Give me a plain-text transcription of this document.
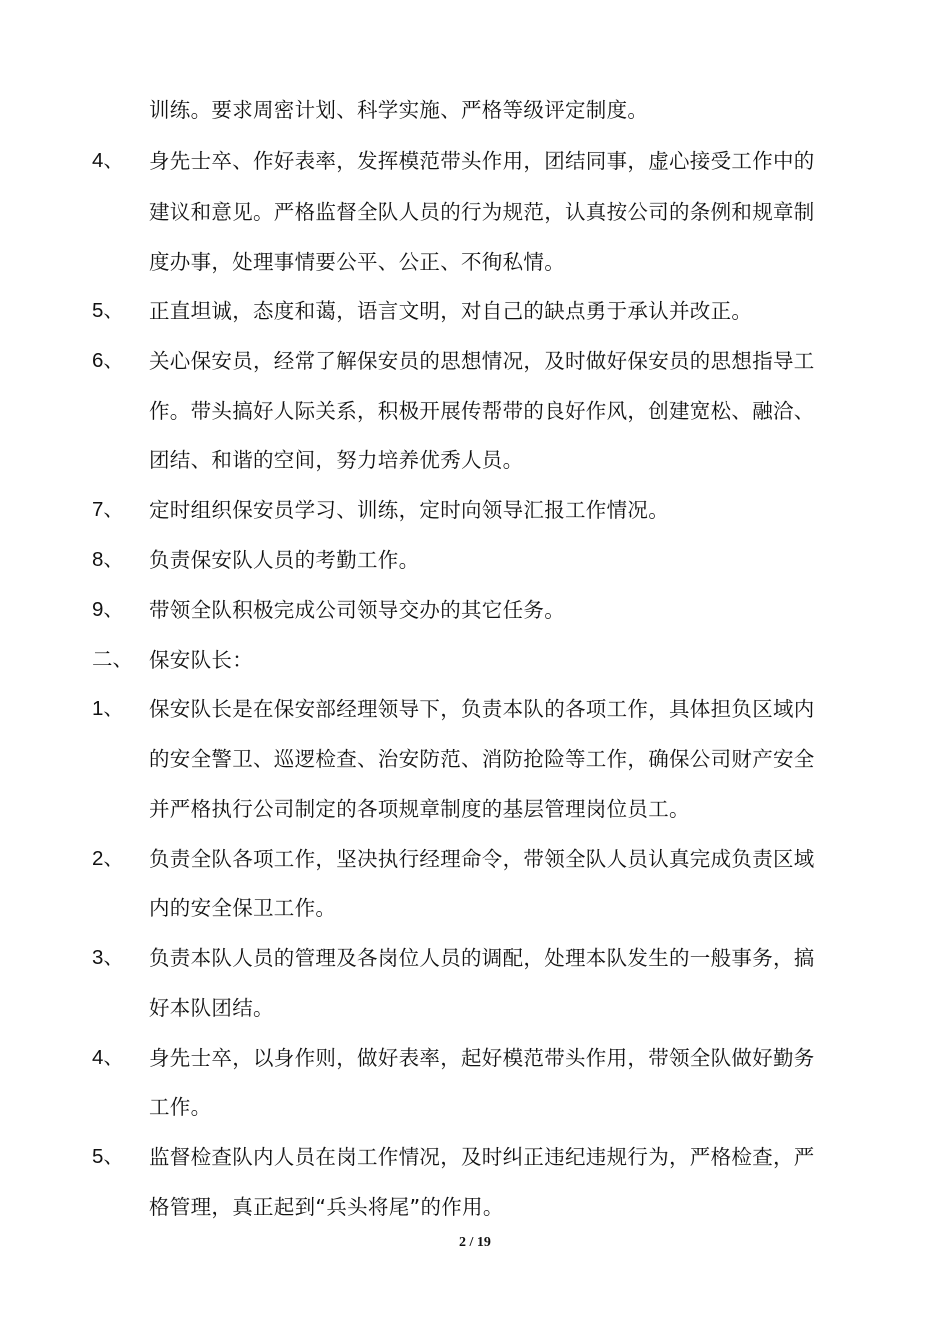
训练。要求周密计划、科学实施、严格等级评定制度。
4、 身先士卒、作好表率，发挥模范带头作用，团结同事，虚心接受工作中的
建议和意见。严格监督全队人员的行为规范，认真按公司的条例和规章制
度办事，处理事情要公平、公正、不徇私情。
5、 正直坦诚，态度和蔼，语言文明，对自己的缺点勇于承认并改正。
6、 关心保安员，经常了解保安员的思想情况，及时做好保安员的思想指导工
作。带头搞好人际关系，积极开展传帮带的良好作风，创建宽松、融洽、
团结、和谐的空间，努力培养优秀人员。
7、 定时组织保安员学习、训练，定时向领导汇报工作情况。
8、 负责保安队人员的考勤工作。
9、 带领全队积极完成公司领导交办的其它任务。
二、 保安队长：
1、 保安队长是在保安部经理领导下，负责本队的各项工作，具体担负区域内
的安全警卫、巡逻检查、治安防范、消防抢险等工作，确保公司财产安全
并严格执行公司制定的各项规章制度的基层管理岗位员工。
2、 负责全队各项工作，坚决执行经理命令，带领全队人员认真完成负责区域
内的安全保卫工作。
3、 负责本队人员的管理及各岗位人员的调配，处理本队发生的一般事务，搞
好本队团结。
4、 身先士卒，以身作则，做好表率，起好模范带头作用，带领全队做好勤务
工作。
5、 监督检查队内人员在岗工作情况，及时纠正违纪违规行为，严格检查，严
格管理，真正起到“兵头将尾”的作用。
2 / 19
